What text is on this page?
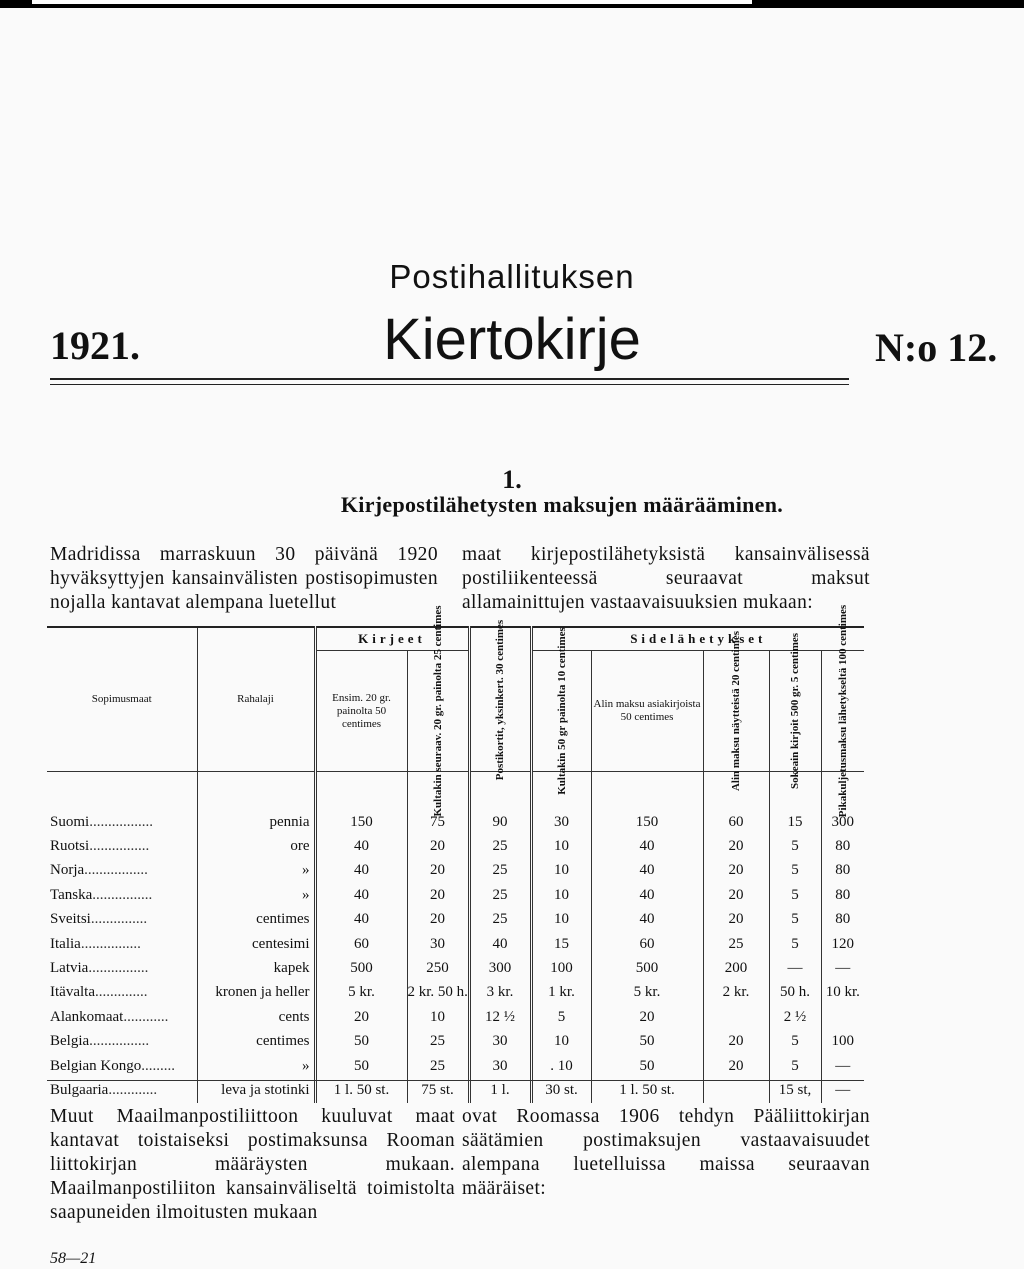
Postihallituksen
1921.	Kiertokirje	N:o 12.
1.
Kirjepostilähetysten maksujen määrääminen.
Madridissa marraskuun 30 päivänä 1920 hyväksyttyjen kansainvälisten postisopimusten nojalla kantavat alempana luetellut
maat kirjepostilähetyksistä kansainvälisessä postiliikenteessä seuraavat maksut allamainittujen vastaavaisuuksien mukaan:
Sopimusmaat	Rahalaji	Kirjeet		Postikortit, yksinkert. 30 centimes	Sidelähetykset				
		Ensim. 20 gr. painolta 50 centimes	Kultakin seuraav. 20 gr. painolta 25 centimes		Kultakin 50 gr painolta 10 centimes	Alin maksu asiakirjoista 50 centimes	Alin maksu näytteistä 20 centimes	Sokeain kirjoit 500 gr. 5 centimes	Pikakuljetusmaksu lähetykseltä 100 centimes

Suomi.................	pennia	150	75	90	30	150	60	15	300
Ruotsi................	ore	40	20	25	10	40	20	5	80
Norja.................	»	40	20	25	10	40	20	5	80
Tanska................	»	40	20	25	10	40	20	5	80
Sveitsi...............	centimes	40	20	25	10	40	20	5	80
Italia................	centesimi	60	30	40	15	60	25	5	120
Latvia................	kapek	500	250	300	100	500	200	—	—
Itävalta..............	kronen ja heller	5 kr.	2 kr. 50 h.	3 kr.	1 kr.	5 kr.	2 kr.	50 h.	10 kr.
Alankomaat............	cents	20	10	12 ½	5	20		2 ½	
Belgia................	centimes	50	25	30	10	50	20	5	100
Belgian Kongo.........	»	50	25	30	. 10	50	20	5	—
Bulgaaria.............	leva ja stotinki	1 l. 50 st.	75 st.	1 l.	30 st.	1 l. 50 st.		15 st,	—
Muut Maailmanpostiliittoon kuuluvat maat kantavat toistaiseksi postimaksunsa Rooman liittokirjan määräysten mukaan. Maailmanpostiliiton kansainväliseltä toimistolta saapuneiden ilmoitusten mukaan
ovat Roomassa 1906 tehdyn Pääliittokirjan säätämien postimaksujen vastaavaisuudet alempana luetelluissa maissa seuraavan määräiset:
58—21
